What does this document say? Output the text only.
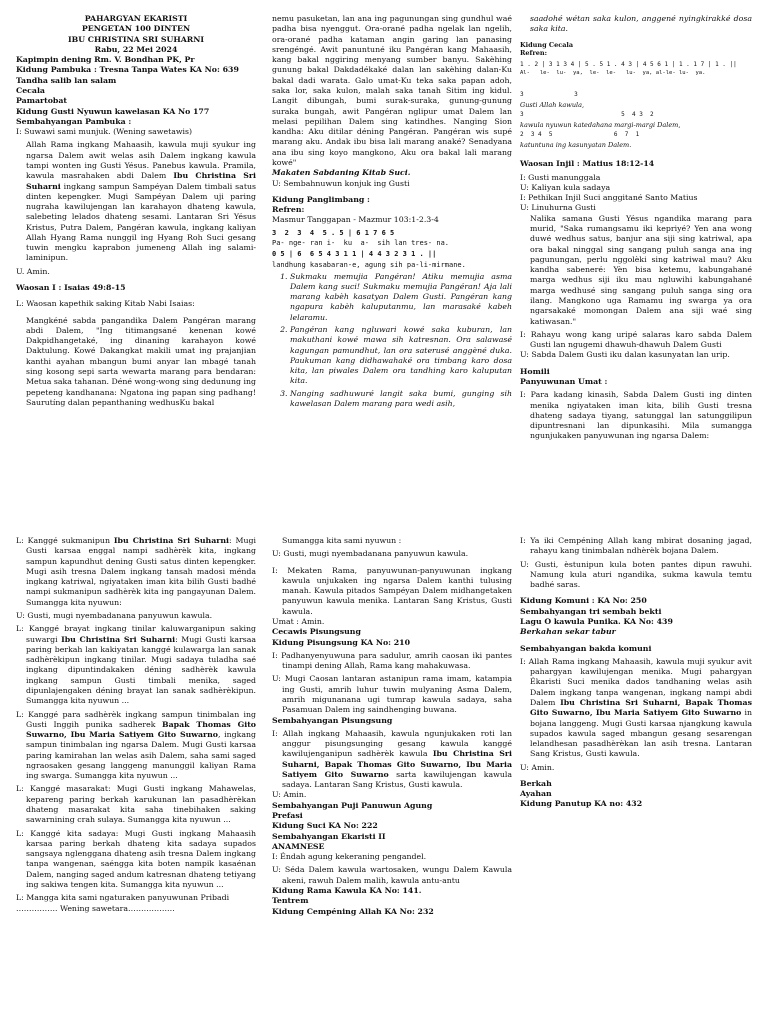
PAHARGYAN EKARISTI

PENGETAN 100 DINTEN

IBU CHRISTINA SRI SUHARNI

Rabu, 22 Mei 2024

Kapimpin dening Rm. V. Bondhan PK, Pr

Kidung Pambuka : Tresna Tanpa Wates KA No: 639

Tandha salib lan salam

Cecala

Pamartobat

Kidung Gusti Nyuwun kawelasan KA No 177

Sembahyangan Pambuka :

I: Suwawi sami munjuk. (Wening sawetawis)

Allah Rama ingkang Mahaasih, kawula muji syukur ing ngarsa Dalem awit welas asih Dalem ingkang kawula tampi wonten ing Gusti Yésus. Panebus kawula. Pramila, kawula masrahaken abdi Dalem Ibu Christina Sri Suharni ingkang sampun Sampéyan Dalem timbali satus dinten kepengker. Mugi Sampéyan Dalem uji paring nugraha kawilujengan lan karahayon dhateng kawula, salebeting lelados dhateng sesami. Lantaran Sri Yésus Kristus, Putra Dalem, Pangéran kawula, ingkang kaliyan Allah Hyang Rama nunggil ing Hyang Roh Suci gesang tuwin mengku kaprabon jumeneng Allah ing salami-laminipun.

U. Amin.

Waosan I : Isaias 49:8-15

L: Waosan kapethik saking Kitab Nabi Isaias:

Mangkéné sabda pangandika Dalem Pangéran marang abdi Dalem, "Ing titimangsané kenenan kowé Dakpidhangetaké, ing dinaning karahayon kowé Daktulung. Kowé Dakangkat makili umat ing prajanjian kanthi ayahan mbangun bumi anyar lan mbagé tanah sing kosong sepi sarta wewarta marang para bendaran: Metua saka tahanan. Déné wong-wong sing dedunung ing pepeteng kandhanana: Ngatona ing papan sing padhang! Saurutíng dalan pepanthaning wedhusKu bakal

nemu pasuketan, lan ana ing pagunungan sing gundhul waé padha bisa nyenggut. Ora-orané padha ngelak lan ngelih, ora-orané padha kataman angin garing lan panasing srengéngé. Awit panuntuné iku Pangéran kang Mahaasih, kang bakal nggiring menyang sumber banyu. Sakèhing gunung bakal Dakdadékaké dalan lan sakèhing dalan-Ku bakal dadi warata. Galo umat-Ku teka saka papan adoh, saka lor, saka kulon, malah saka tanah Sitim ing kidul. Langit dibungah, bumi surak-suraka, gunung-gunung suraka bungah, awit Pangéran nglipur umat Dalem lan melasi pepilihan Dalem sing katindhes. Nanging Sion kandha: Aku ditilar déning Pangéran. Pangéran wis supé marang aku. Andak ibu bisa lali marang anaké? Senadyana ana ibu sing koyo mangkono, Aku ora bakal lali marang kowé"

Makaten Sabdaning Kitab Suci.

U: Sembahnuwun konjuk ing Gusti

Kidung Panglimbang :

Refren:

Masmur Tanggapan - Mazmur 103:1-2.3-4

3  2  3  4  5 . 5 | 6 1 7 6 5
Pa- nge- ran i-  ku  a-  sih lan tres- na.
0 5 | 6  6 5 4 3 1 1 | 4 4 3 2 3 1 . ||
landhung kasabaran-e, agung sih pa-li-mirmane.
1. Sukmaku memujia Pangéran! Atiku memujia asma Dalem kang suci! Sukmaku memujia Pangéran! Aja lali marang kabèh kasatyan Dalem Gusti. Pangéran kang ngapura kabèh kaluputanmu, lan marasaké kabeh lelaramu.
2. Pangéran kang ngluwari kowé saka kuburan, lan makuthani kowé mawa sih katresnan. Ora salawasé kagungan pamundhut, lan ora saterusé anggèné duka. Paukuman kang didhawahaké ora timbang karo dosa kita, lan piwales Dalem ora tandhing karo kaluputan kita.
3. Nanging sadhuwuré langit saka bumi, gunging sih kawelasan Dalem marang para wedi asih,

saadohé wétan saka kulon, anggené nyingkirakké dosa saka kita.

Kidung Cecala

Refren:

1 . 2 | 3 1 3 4 | 5 . 5 1 . 4 3 | 4 5 6 1 | 1 . 1 7 | 1 . ||
Al-   le-  lu-  ya,  le-  le-   lu-  ya, al-le- lu-  ya.
3              3

Gusti Allah kawula,

3                           5  4 3  2

kawula nyuwun katedahana margi-margi Dalem,

2  3 4  5                 6  7  1

katuntuna ing kasunyatan Dalem.

Waosan Injil : Matius 18:12-14

I: Gusti manunggala

U: Kaliyan kula sadaya

I: Pethikan Injil Suci anggitané Santo Matius

U: Linuhurna Gusti

Nalika samana Gusti Yésus ngandika marang para murid, "Saka rumangsamu iki kepriyé? Yen ana wong duwé wedhus satus, banjur ana siji sing katriwal, apa ora bakal ninggal sing sangang puluh sanga ana ing pagunungan, perlu nggolèki sing katriwal mau? Aku kandha sabeneré: Yèn bisa ketemu, kabungahané marga wedhus siji iku mau ngluwihi kabungahané marga wedhusé sing sangang puluh sanga sing ora ilang. Mangkono uga Ramamu ing swarga ya ora ngarsakaké momongan Dalem ana siji waé sing katiwasan."

I: Rahayu wong kang uripé salaras karo sabda Dalem Gusti lan ngugemi dhawuh-dhawuh Dalem Gusti

U: Sabda Dalem Gusti iku dalan kasunyatan lan urip.

Homili

Panyuwunan Umat :

I: Para kadang kinasih, Sabda Dalem Gusti ing dinten menika ngiyataken iman kita, bilih Gusti tresna dhateng sadaya tiyang, satunggal lan satunggilipun dipuntresnani lan dipunkasihi. Mila sumangga ngunjukaken panyuwunan ing ngarsa Dalem:

L: Kanggé sukmanipun Ibu Christina Sri Suharni: Mugi Gusti karsaa enggal nampi sadhèrèk kita, ingkang sampun kapundhut dening Gusti satus dinten kepengker. Mugi asih tresna Dalem ingkang tansah madosi ménda ingkang katriwal, ngiyataken iman kita bilih Gusti badhé nampi sukmanipun sadhèrèk kita ing pangayunan Dalem. Sumangga kita nyuwun:

U: Gusti, mugi nyembadanana panyuwun kawula.

L: Kanggé brayat ingkang tinilar kaluwarganipun saking suwargi Ibu Christina Sri Suharni: Mugi Gusti karsaa paring berkah lan kakiyatan kanggé kulawarga lan sanak sadhèrèkipun ingkang tinilar. Mugi sadaya tuladha saé ingkang dipuntindakaken déning sadhèrèk kawula ingkang sampun Gusti timbali menika, saged dipunlajengaken déning brayat lan sanak sadhèrèkipun. Sumangga kita nyuwun ...

L: Kanggé para sadhèrèk ingkang sampun tinimbalan ing Gusti Inggih punika sadherek Bapak Thomas Gito Suwarno, Ibu Maria Satiyem Gito Suwarno, ingkang sampun tinimbalan ing ngarsa Dalem. Mugi Gusti karsaa paring kamirahan lan welas asih Dalem, saha sami saged ngraosaken gesang langgeng manunggil kaliyan Rama ing swarga. Sumangga kita nyuwun ...

L: Kanggé masarakat: Mugi Gusti ingkang Mahawelas, kepareng paring berkah karukunan lan pasadhèrèkan dhateng masarakat kita saha tinebihaken saking sawarnining crah sulaya. Sumangga kita nyuwun ...

L: Kanggé kita sadaya: Mugi Gusti ingkang Mahaasih karsaa paring berkah dhateng kita sadaya supados sangsaya nglenggana dhateng asih tresna Dalem ingkang tanpa wangenan, saéngga kita boten nampik kasaénan Dalem, nanging saged andum katresnan dhateng tetiyang ing sakiwa tengen kita. Sumangga kita nyuwun ...

L: Mangga kita sami ngaturaken panyuwunan Pribadi

……………. Wening sawetara………………

Sumangga kita sami nyuwun :

U: Gusti, mugi nyembadanana panyuwun kawula.

I: Mekaten Rama, panyuwunan-panyuwunan ingkang kawula unjukaken ing ngarsa Dalem kanthi tulusing manah. Kawula pitados Sampéyan Dalem midhangetaken panyuwun kawula menika. Lantaran Sang Kristus, Gusti kawula.

Umat : Amin.

Cecawis Pisungsung

Kidung Pisungsung KA No: 210

I: Padhanyenyuwuna para sadulur, amrih caosan iki pantes tinampi dening Allah, Rama kang mahakuwasa.

U: Mugi Caosan lantaran astanipun rama imam, katampia ing Gusti, amrih luhur tuwin mulyaning Asma Dalem, amrih migunanana ugi tumrap kawula sadaya, saha Pasamuan Dalem ing saindhenging buwana.

Sembahyangan Pisungsung

I: Allah ingkang Mahaasih, kawula ngunjukaken roti lan anggur pisungsunging gesang kawula kanggé kawilujenganipun sadhèrèk kawula Ibu Christina Sri Suharni, Bapak Thomas Gito Suwarno, Ibu Maria Satiyem Gito Suwarno sarta kawilujengan kawula sadaya. Lantaran Sang Kristus, Gusti kawula.

U: Amin.

Sembahyangan Puji Panuwun Agung

Prefasi

Kidung Suci KA No: 222

Sembahyangan Ekaristi II

ANAMNESE

I: Éndah agung kekeraning pengandel.

U: Séda Dalem kawula wartosaken, wungu Dalem Kawula akeni, rawuh Dalem malih, kawula antu-antu

Kidung Rama Kawula KA No: 141.

Tentrem

Kidung Cempéning Allah KA No: 232

I: Ya iki Cempéning Allah kang mbirat dosaning jagad, rahayu kang tinimbalan ndhèrèk bojana Dalem.

U: Gusti, èstunipun kula boten pantes dipun rawuhi. Namung kula aturi ngandika, sukma kawula temtu badhé saras.

Kidung Komuni : KA No: 250

Sembahyangan tri sembah bekti

Lagu O kawula Punika. KA No: 439

Berkahan sekar tabur

Sembahyangan bakda komuni

I: Allah Rama ingkang Mahaasih, kawula muji syukur avit pahargyan kawilujengan menika. Mugi pahargyan Ékaristi Suci menika dados tandhaning welas asih Dalem ingkang tanpa wangenan, ingkang nampi abdi Dalem Ibu Christina Sri Suharni, Bapak Thomas Gito Suwarno, Ibu Maria Satiyem Gito Suwarno in bojana langgeng. Mugi Gusti karsaa njangkung kawula supados kawula saged mbangun gesang sesarengan lelandhesan pasadhèrèkan lan asih tresna. Lantaran Sang Kristus, Gusti kawula.

U: Amin.

Berkah

Ayahan

Kidung Panutup KA no: 432
